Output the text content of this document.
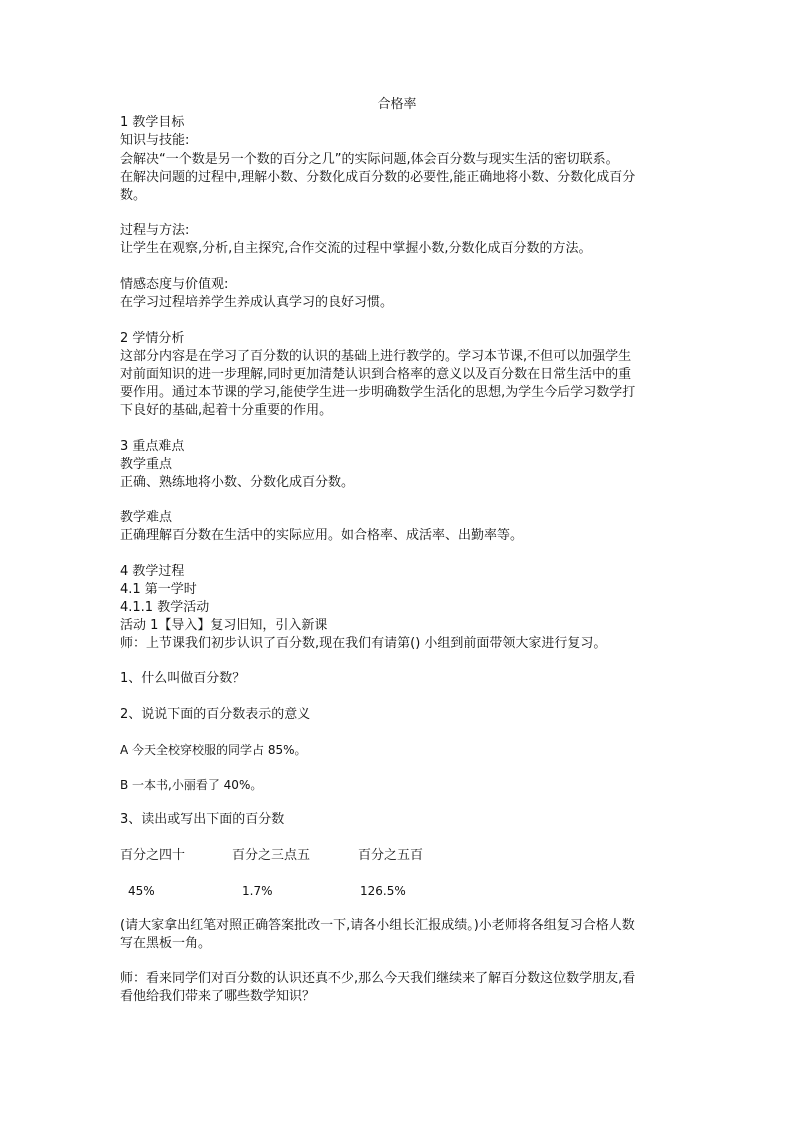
合格率
1 教学目标
知识与技能:
会解决“一个数是另一个数的百分之几”的实际问题,体会百分数与现实生活的密切联系。
在解决问题的过程中,理解小数、分数化成百分数的必要性,能正确地将小数、分数化成百分
数。
过程与方法:
让学生在观察,分析,自主探究,合作交流的过程中掌握小数,分数化成百分数的方法。
情感态度与价值观:
在学习过程培养学生养成认真学习的良好习惯。
2 学情分析
这部分内容是在学习了百分数的认识的基础上进行教学的。学习本节课,不但可以加强学生
对前面知识的进一步理解,同时更加清楚认识到合格率的意义以及百分数在日常生活中的重
要作用。通过本节课的学习,能使学生进一步明确数学生活化的思想,为学生今后学习数学打
下良好的基础,起着十分重要的作用。
3 重点难点
教学重点
正确、熟练地将小数、分数化成百分数。
教学难点
正确理解百分数在生活中的实际应用。如合格率、成活率、出勤率等。
4 教学过程
4.1 第一学时
4.1.1 教学活动
活动 1【导入】复习旧知，引入新课
师：上节课我们初步认识了百分数,现在我们有请第() 小组到前面带领大家进行复习。
1、什么叫做百分数？
2、说说下面的百分数表示的意义
A 今天全校穿校服的同学占 85%。
B 一本书,小丽看了 40%。
3、读出或写出下面的百分数
百分之四十	百分之三点五	百分之五百
45%	1.7%	126.5%
(请大家拿出红笔对照正确答案批改一下,请各小组长汇报成绩。)小老师将各组复习合格人数
写在黑板一角。
师：看来同学们对百分数的认识还真不少,那么今天我们继续来了解百分数这位数学朋友,看
看他给我们带来了哪些数学知识？
